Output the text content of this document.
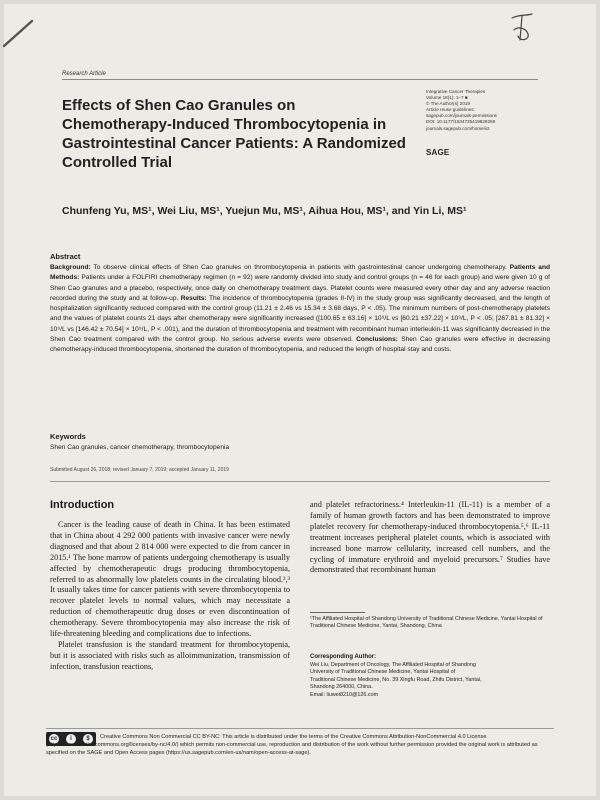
Research Article
Effects of Shen Cao Granules on Chemotherapy-Induced Thrombocytopenia in Gastrointestinal Cancer Patients: A Randomized Controlled Trial
Integrative Cancer Therapies
Volume 18(1): 1–7 ■
© The Author(s) 2019
Article reuse guidelines:
sagepub.com/journals-permissions
DOI: 10.1177/1534735419829268
journals.sagepub.com/home/ict
SAGE
Chunfeng Yu, MS¹, Wei Liu, MS¹, Yuejun Mu, MS¹, Aihua Hou, MS¹, and Yin Li, MS¹
Abstract
Background: To observe clinical effects of Shen Cao granules on thrombocytopenia in patients with gastrointestinal cancer undergoing chemotherapy. Patients and Methods: Patients under a FOLFIRI chemotherapy regimen (n = 92) were randomly divided into study and control groups (n = 46 for each group) and were given 10 g of Shen Cao granules and a placebo, respectively, once daily on chemotherapy treatment days. Platelet counts were measured every other day and any adverse reaction recorded during the study and at follow-up. Results: The incidence of thrombocytopenia (grades II-IV) in the study group was significantly decreased, and the length of hospitalization significantly reduced compared with the control group (11.21 ± 2.46 vs 15.34 ± 3.68 days, P < .05). The minimum numbers of post-chemotherapy platelets and the values of platelet counts 21 days after chemotherapy were significantly increased ([100.65 ± 63.16] × 10⁹/L vs [60.21 ±37.22] × 10⁹/L, P < .05; [267.81 ± 81.32] × 10⁹/L vs [146.42 ± 70.54] × 10⁹/L, P < .001), and the duration of thrombocytopenia and treatment with recombinant human interleukin-11 was significantly decreased in the Shen Cao treatment compared with the control group. No serious adverse events were observed. Conclusions: Shen Cao granules were effective in decreasing chemotherapy-induced thrombocytopenia, shortened the duration of thrombocytopenia, and reduced the length of hospital stay and costs.
Keywords
Shen Cao granules, cancer chemotherapy, thrombocytopenia
Submitted August 26, 2018; revised January 7, 2019; accepted January 11, 2019
Introduction

Cancer is the leading cause of death in China. It has been estimated that in China about 4 292 000 patients with invasive cancer were newly diagnosed and that about 2 814 000 were expected to die from cancer in 2015.¹ The bone marrow of patients undergoing chemotherapy is usually affected by chemotherapeutic drugs producing thrombocytopenia, referred to as abnormally low platelets counts in the circulating blood.²,³ It usually takes time for cancer patients with severe thrombocytopenia to recover platelet levels to normal values, which may necessitate a reduction of chemotherapeutic drug doses or even discontinuation of chemotherapy. Severe thrombocytopenia may also increase the risk of life-threatening bleeding and complications due to infections.

Platelet transfusion is the standard treatment for thrombocytopenia, but it is associated with risks such as alloimmunization, transmission of infection, transfusion reactions,

and platelet refractoriness.⁴ Interleukin-11 (IL-11) is a member of a family of human growth factors and has been demonstrated to improve platelet recovery for chemotherapy-induced thrombocytopenia.⁵,⁶ IL-11 treatment increases peripheral platelet counts, which is associated with increased bone marrow cellularity, increased cell numbers, and the cycling of immature erythroid and myeloid precursors.⁷ Studies have demonstrated that recombinant human

¹The Affiliated Hospital of Shandong University of Traditional Chinese Medicine, Yantai Hospital of Traditional Chinese Medicine, Yantai, Shandong, China
Corresponding Author:
Wei Liu, Department of Oncology, The Affiliated Hospital of Shandong
University of Traditional Chinese Medicine, Yantai Hospital of
Traditional Chinese Medicine, No. 39 Xingfu Road, Zhifu District, Yantai,
Shandong 264000, China.
Email: liuwei8210@126.com
cc	i	$	Creative Commons Non Commercial CC BY-NC: This article is distributed under the terms of the Creative Commons Attribution-NonCommercial 4.0 License (http://www.creativecommons.org/licenses/by-nc/4.0/) which permits non-commercial use, reproduction and distribution of the work without further permission provided the original work is attributed as specified on the SAGE and Open Access pages (https://us.sagepub.com/en-us/nam/open-access-at-sage).
